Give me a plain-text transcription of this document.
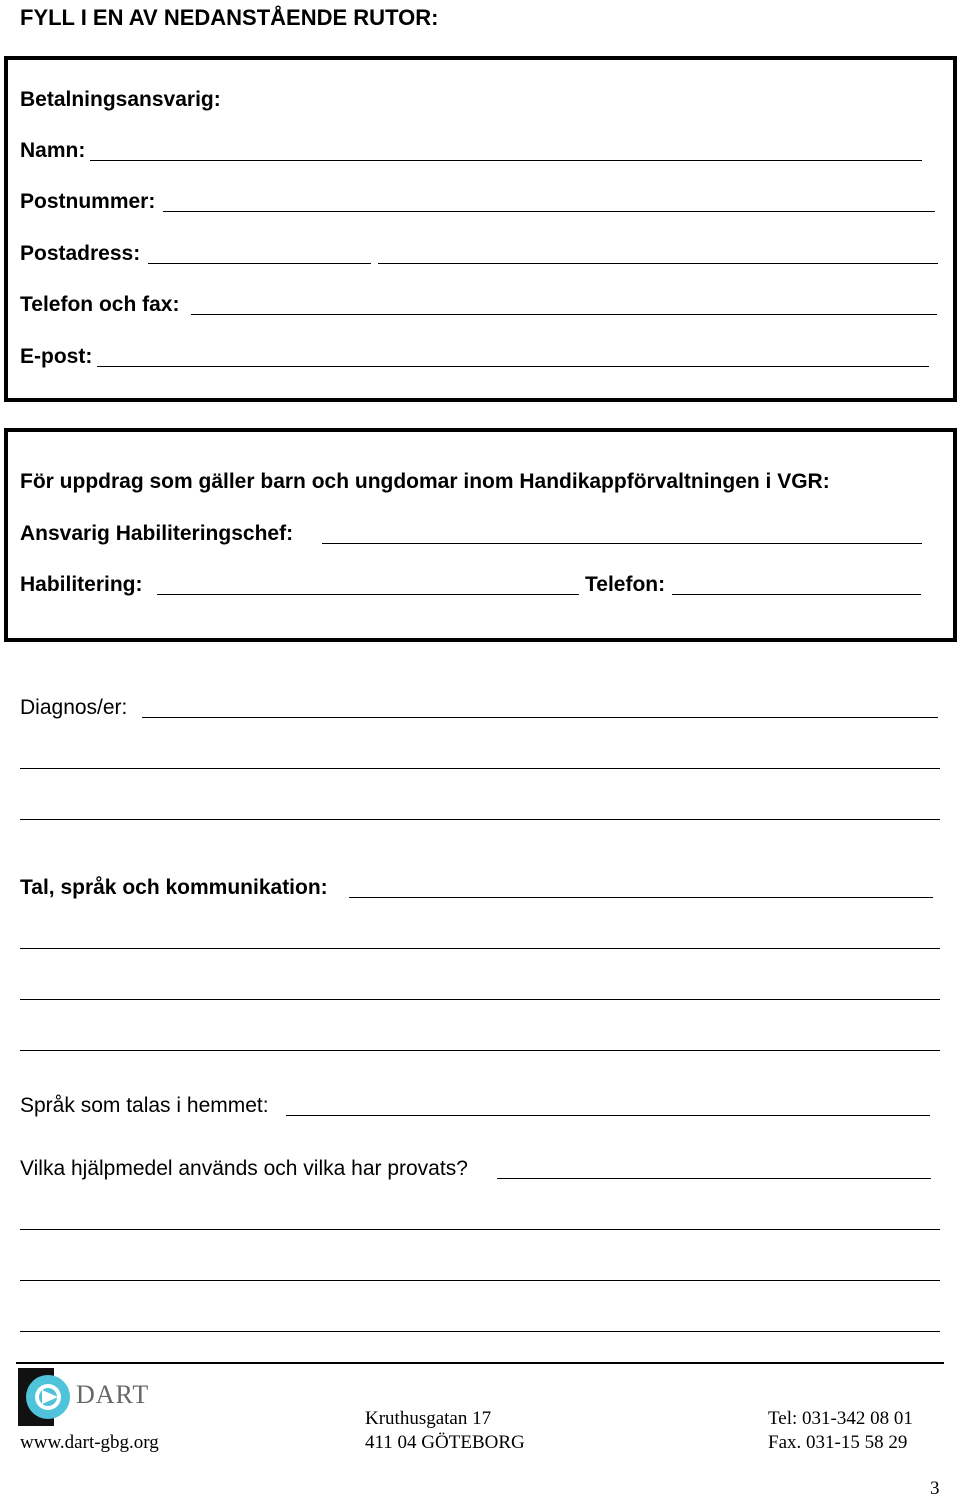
FYLL I EN AV NEDANSTÅENDE RUTOR:
Betalningsansvarig:
Namn:
Postnummer:
Postadress:
Telefon och fax:
E-post:
För uppdrag som gäller barn och ungdomar inom Handikappförvaltningen i VGR:
Ansvarig Habiliteringschef:
Habilitering:	Telefon:
Diagnos/er:
Tal, språk och kommunikation:
Språk som talas i hemmet:
Vilka hjälpmedel används och vilka har provats?
DART
www.dart-gbg.org
Kruthusgatan 17
411 04 GÖTEBORG
Tel: 031-342 08 01
Fax. 031-15 58 29
3
